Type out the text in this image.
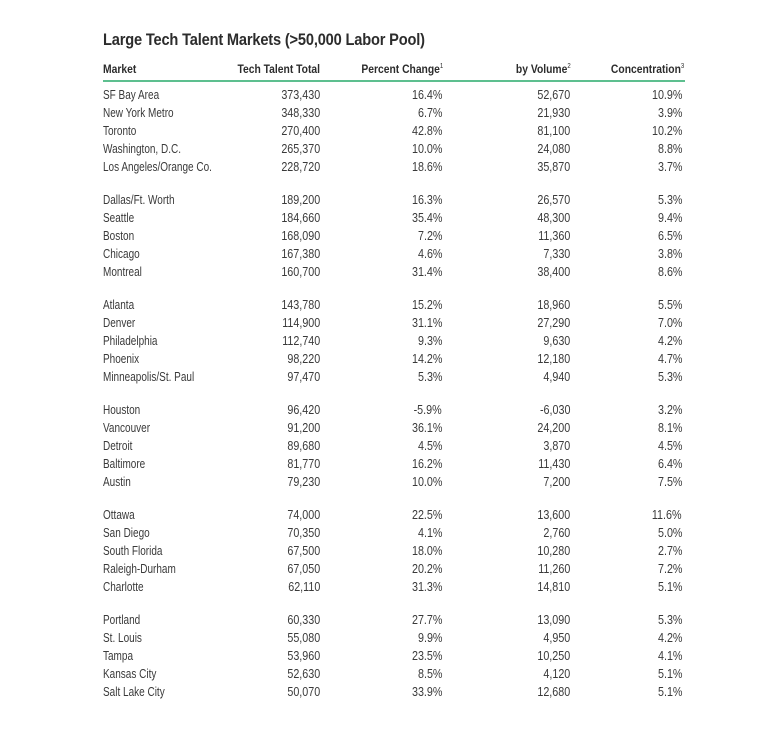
Large Tech Talent Markets (>50,000 Labor Pool)
Market	Tech Talent Total	Percent Change$^1$	by Volume$^2$	Concentration$^3$
SF Bay Area	373,430	16.4%	52,670	10.9%
New York Metro	348,330	6.7%	21,930	3.9%
Toronto	270,400	42.8%	81,100	10.2%
Washington, D.C.	265,370	10.0%	24,080	8.8%
Los Angeles/Orange Co.	228,720	18.6%	35,870	3.7%
Dallas/Ft. Worth	189,200	16.3%	26,570	5.3%
Seattle	184,660	35.4%	48,300	9.4%
Boston	168,090	7.2%	11,360	6.5%
Chicago	167,380	4.6%	7,330	3.8%
Montreal	160,700	31.4%	38,400	8.6%
Atlanta	143,780	15.2%	18,960	5.5%
Denver	114,900	31.1%	27,290	7.0%
Philadelphia	112,740	9.3%	9,630	4.2%
Phoenix	98,220	14.2%	12,180	4.7%
Minneapolis/St. Paul	97,470	5.3%	4,940	5.3%
Houston	96,420	-5.9%	-6,030	3.2%
Vancouver	91,200	36.1%	24,200	8.1%
Detroit	89,680	4.5%	3,870	4.5%
Baltimore	81,770	16.2%	11,430	6.4%
Austin	79,230	10.0%	7,200	7.5%
Ottawa	74,000	22.5%	13,600	11.6%
San Diego	70,350	4.1%	2,760	5.0%
South Florida	67,500	18.0%	10,280	2.7%
Raleigh-Durham	67,050	20.2%	11,260	7.2%
Charlotte	62,110	31.3%	14,810	5.1%
Portland	60,330	27.7%	13,090	5.3%
St. Louis	55,080	9.9%	4,950	4.2%
Tampa	53,960	23.5%	10,250	4.1%
Kansas City	52,630	8.5%	4,120	5.1%
Salt Lake City	50,070	33.9%	12,680	5.1%
